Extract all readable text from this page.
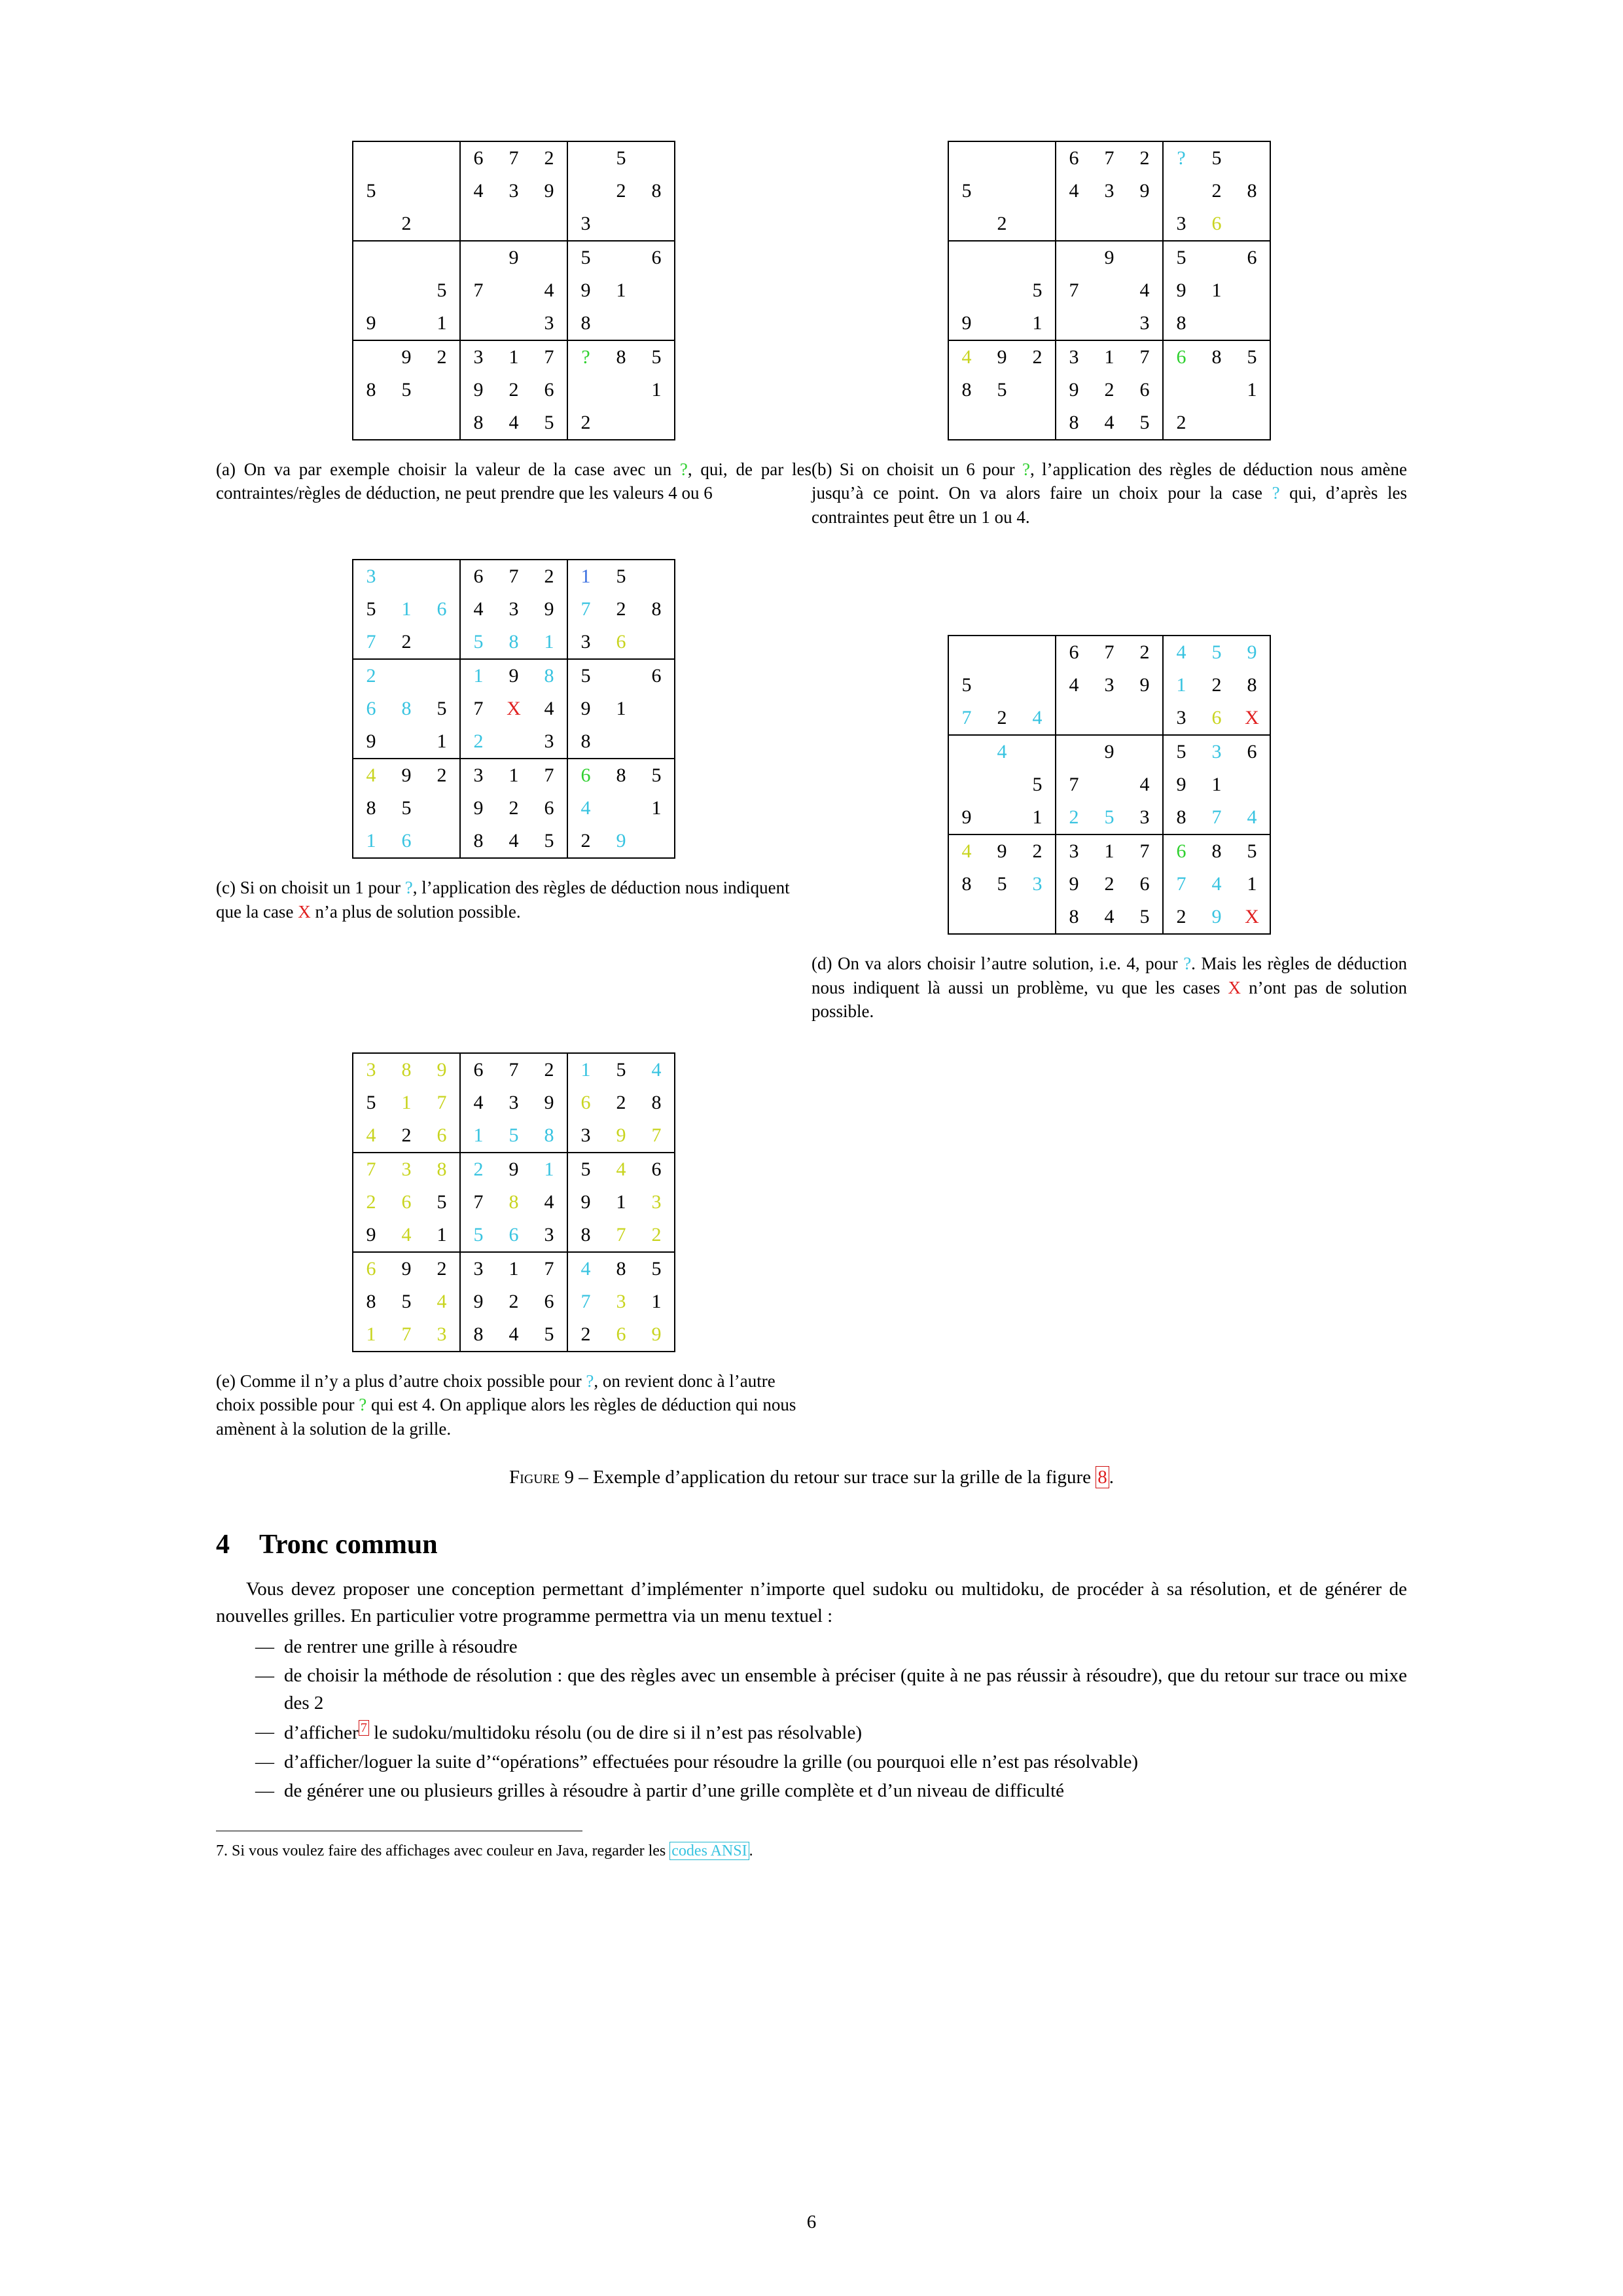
			6	7	2		5	
5			4	3	9		2	8
	2					3		
				9		5		6
		5	7		4	9	1	
9		1			3	8		
	9	2	3	1	7	?	8	5
8	5		9	2	6			1
			8	4	5	2		
(a) On va par exemple choisir la valeur de la case avec un ?, qui, de par les contraintes/règles de déduction, ne peut prendre que les valeurs 4 ou 6
			6	7	2	?	5	
5			4	3	9		2	8
	2					3	6	
				9		5		6
		5	7		4	9	1	
9		1			3	8		
4	9	2	3	1	7	6	8	5
8	5		9	2	6			1
			8	4	5	2		
(b) Si on choisit un 6 pour ?, l’application des règles de déduction nous amène jusqu’à ce point. On va alors faire un choix pour la case ? qui, d’après les contraintes peut être un 1 ou 4.
3			6	7	2	1	5	
5	1	6	4	3	9	7	2	8
7	2		5	8	1	3	6	
2			1	9	8	5		6
6	8	5	7	X	4	9	1	
9		1	2		3	8		
4	9	2	3	1	7	6	8	5
8	5		9	2	6	4		1
1	6		8	4	5	2	9	
(c) Si on choisit un 1 pour ?, l’application des règles de déduction nous indiquent que la case X n’a plus de solution possible.
			6	7	2	4	5	9
5			4	3	9	1	2	8
7	2	4				3	6	X
	4			9		5	3	6
		5	7		4	9	1	
9		1	2	5	3	8	7	4
4	9	2	3	1	7	6	8	5
8	5	3	9	2	6	7	4	1
			8	4	5	2	9	X
(d) On va alors choisir l’autre solution, i.e. 4, pour ?. Mais les règles de déduction nous indiquent là aussi un problème, vu que les cases X n’ont pas de solution possible.
3	8	9	6	7	2	1	5	4
5	1	7	4	3	9	6	2	8
4	2	6	1	5	8	3	9	7
7	3	8	2	9	1	5	4	6
2	6	5	7	8	4	9	1	3
9	4	1	5	6	3	8	7	2
6	9	2	3	1	7	4	8	5
8	5	4	9	2	6	7	3	1
1	7	3	8	4	5	2	6	9
(e) Comme il n’y a plus d’autre choix possible pour ?, on revient donc à l’autre choix possible pour ? qui est 4. On applique alors les règles de déduction qui nous amènent à la solution de la grille.
Figure 9 – Exemple d’application du retour sur trace sur la grille de la figure 8 .
4 Tronc commun

Vous devez proposer une conception permettant d’implémenter n’importe quel sudoku ou multidoku, de procéder à sa résolution, et de générer de nouvelles grilles. En particulier votre programme permettra via un menu textuel :

— de rentrer une grille à résoudre
— de choisir la méthode de résolution : que des règles avec un ensemble à préciser (quite à ne pas réussir à résoudre), que du retour sur trace ou mixe des 2
— d’afficher $^7$ le sudoku/multidoku résolu (ou de dire si il n’est pas résolvable)
— d’afficher/loguer la suite d’“opérations” effectuées pour résoudre la grille (ou pourquoi elle n’est pas résolvable)
— de générer une ou plusieurs grilles à résoudre à partir d’une grille complète et d’un niveau de difficulté
7. Si vous voulez faire des affichages avec couleur en Java, regarder les codes ANSI .
6
